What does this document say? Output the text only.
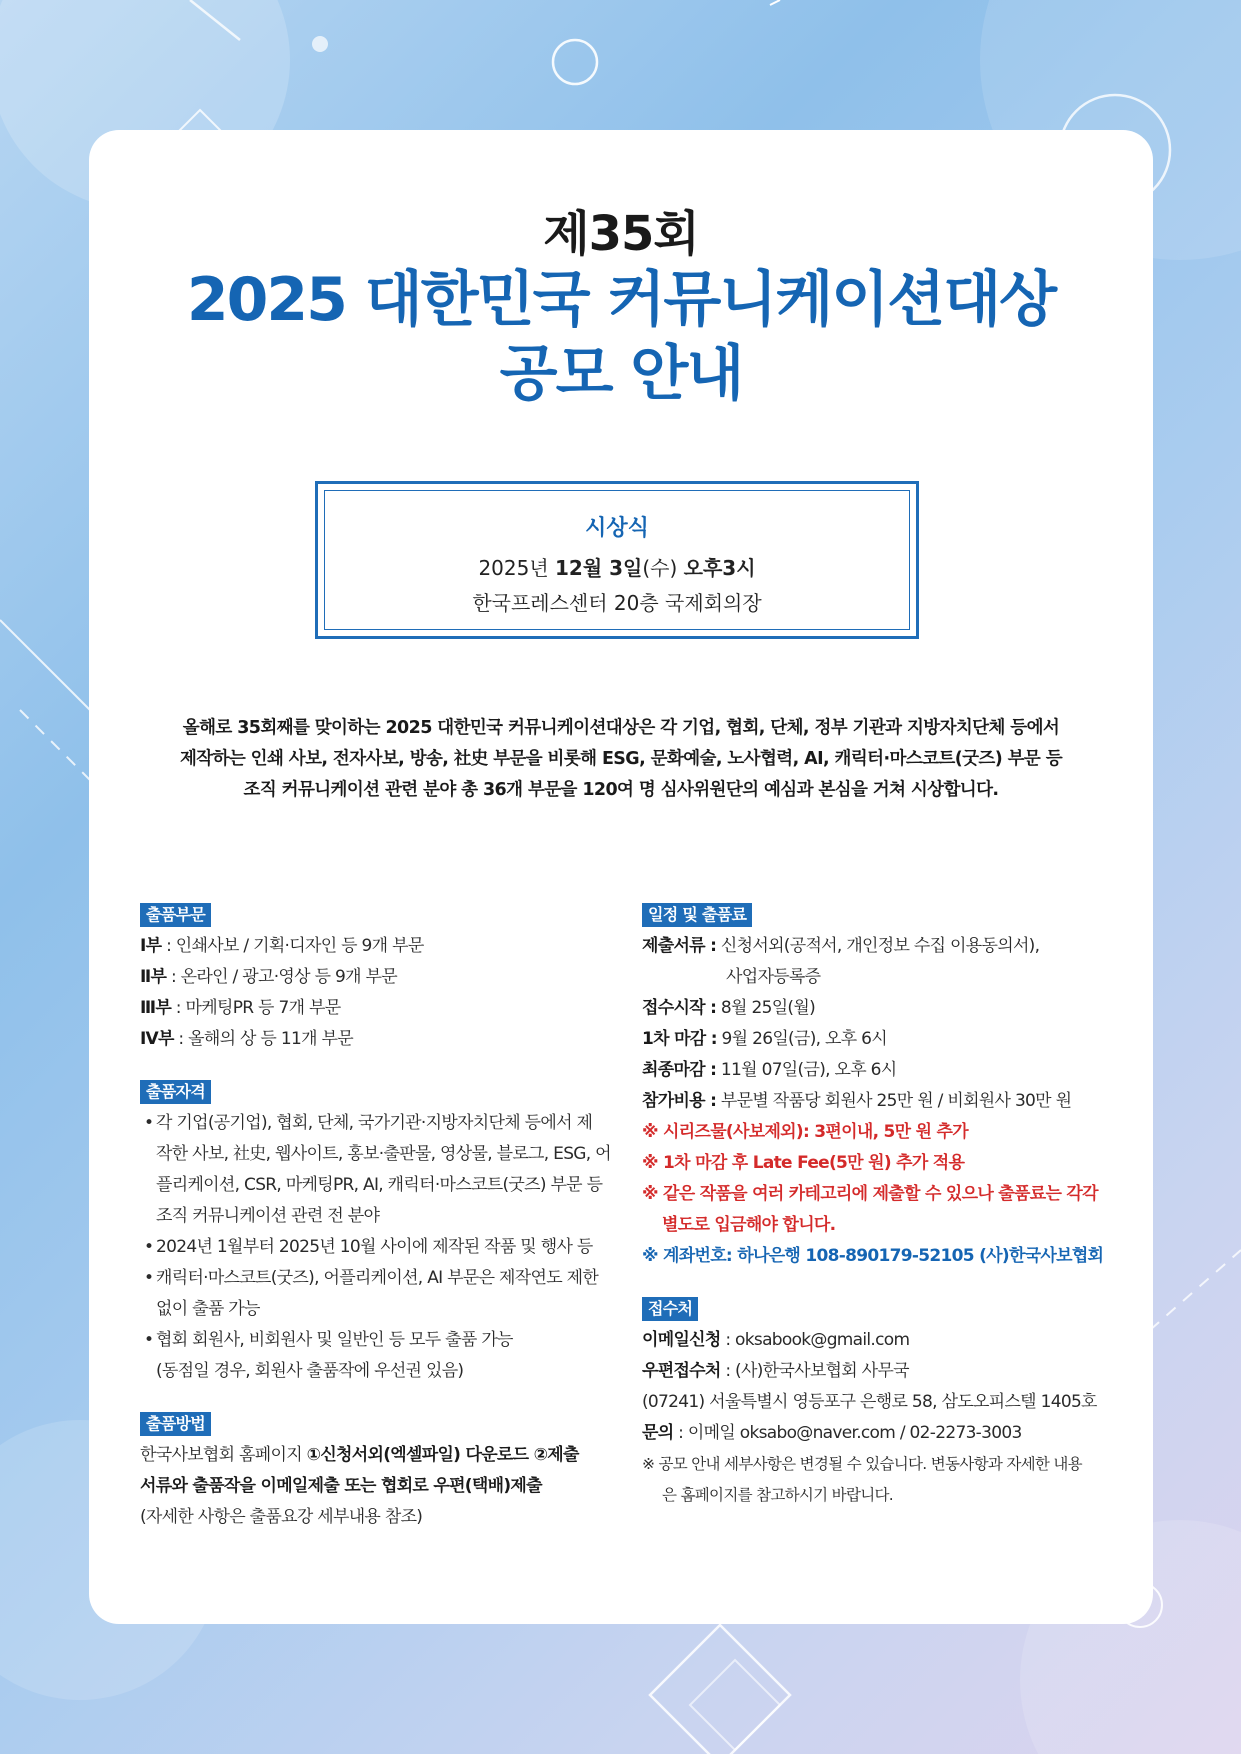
제35회
2025 대한민국 커뮤니케이션대상
공모 안내
시상식
2025년 12월 3일(수) 오후3시
한국프레스센터 20층 국제회의장
올해로 35회째를 맞이하는 2025 대한민국 커뮤니케이션대상은 각 기업, 협회, 단체, 정부 기관과 지방자치단체 등에서
제작하는 인쇄 사보, 전자사보, 방송, 社史 부문을 비롯해 ESG, 문화예술, 노사협력, AI, 캐릭터·마스코트(굿즈) 부문 등
조직 커뮤니케이션 관련 분야 총 36개 부문을 120여 명 심사위원단의 예심과 본심을 거쳐 시상합니다.
출품부문
Ⅰ부 : 인쇄사보 / 기획·디자인 등 9개 부문
Ⅱ부 : 온라인 / 광고·영상 등 9개 부문
Ⅲ부 : 마케팅PR 등 7개 부문
Ⅳ부 : 올해의 상 등 11개 부문
출품자격
• 각 기업(공기업), 협회, 단체, 국가기관·지방자치단체 등에서 제
작한 사보, 社史, 웹사이트, 홍보·출판물, 영상물, 블로그, ESG, 어
플리케이션, CSR, 마케팅PR, AI, 캐릭터·마스코트(굿즈) 부문 등
조직 커뮤니케이션 관련 전 분야
• 2024년 1월부터 2025년 10월 사이에 제작된 작품 및 행사 등
• 캐릭터·마스코트(굿즈), 어플리케이션, AI 부문은 제작연도 제한
없이 출품 가능
• 협회 회원사, 비회원사 및 일반인 등 모두 출품 가능
(동점일 경우, 회원사 출품작에 우선권 있음)
출품방법
한국사보협회 홈페이지 ①신청서외(엑셀파일) 다운로드 ②제출
서류와 출품작을 이메일제출 또는 협회로 우편(택배)제출
(자세한 사항은 출품요강 세부내용 참조)
일정 및 출품료
제출서류 : 신청서외(공적서, 개인정보 수집 이용동의서),
사업자등록증
접수시작 : 8월 25일(월)
1차 마감 : 9월 26일(금), 오후 6시
최종마감 : 11월 07일(금), 오후 6시
참가비용 : 부문별 작품당 회원사 25만 원 / 비회원사 30만 원
※ 시리즈물(사보제외): 3편이내, 5만 원 추가
※ 1차 마감 후 Late Fee(5만 원) 추가 적용
※ 같은 작품을 여러 카테고리에 제출할 수 있으나 출품료는 각각
별도로 입금해야 합니다.
※ 계좌번호: 하나은행 108-890179-52105 (사)한국사보협회
접수처
이메일신청 : oksabook@gmail.com
우편접수처 : (사)한국사보협회 사무국
(07241) 서울특별시 영등포구 은행로 58, 삼도오피스텔 1405호
문의 : 이메일 oksabo@naver.com / 02-2273-3003
※ 공모 안내 세부사항은 변경될 수 있습니다. 변동사항과 자세한 내용
은 홈페이지를 참고하시기 바랍니다.
